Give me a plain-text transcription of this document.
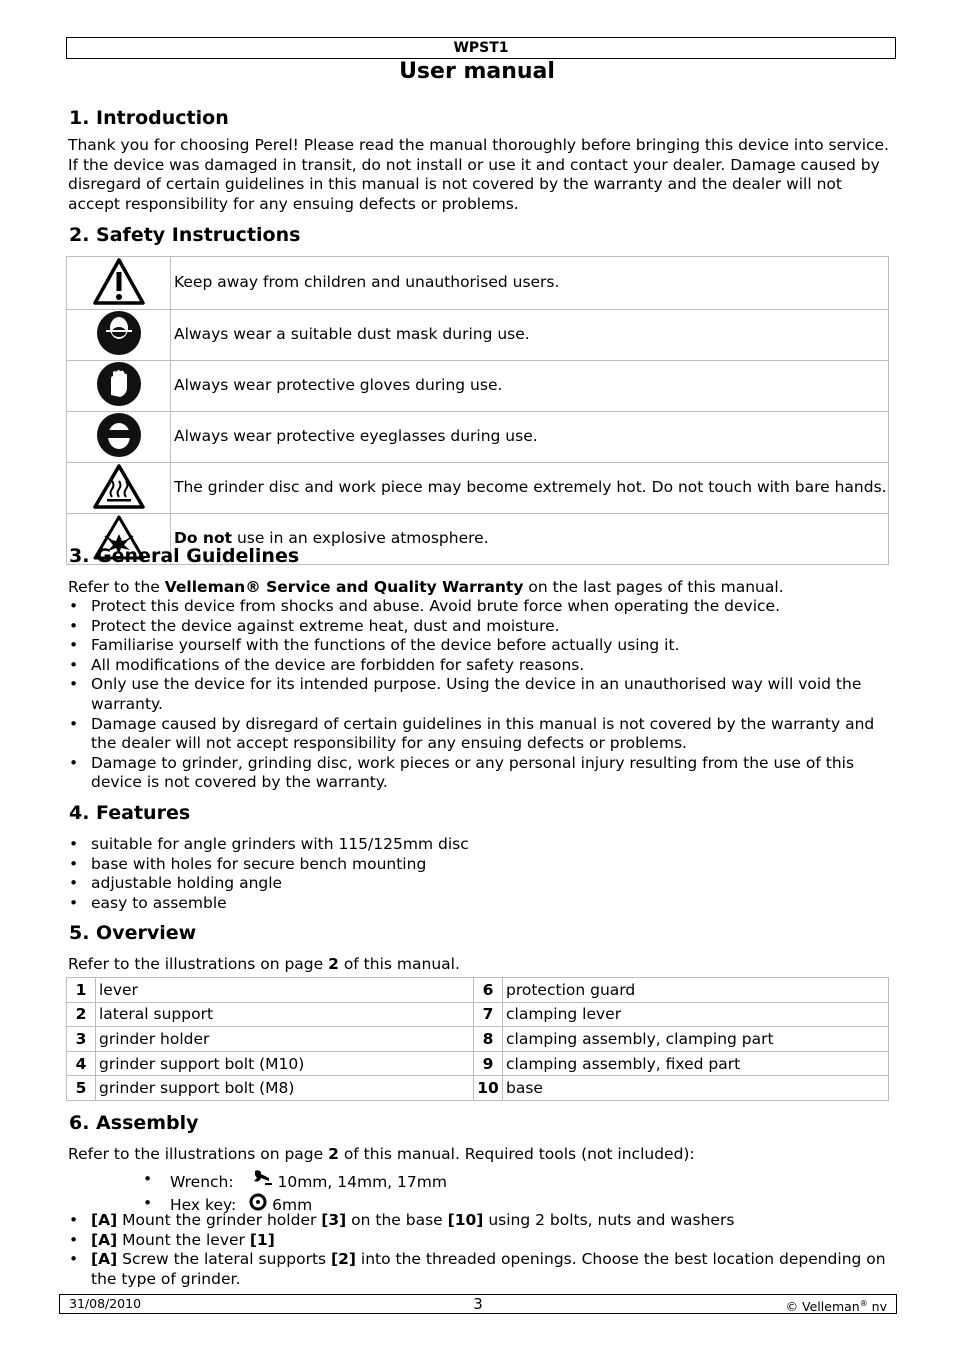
WPST1
User manual
1. Introduction

Thank you for choosing Perel! Please read the manual thoroughly before bringing this device into service. If the device was damaged in transit, do not install or use it and contact your dealer. Damage caused by disregard of certain guidelines in this manual is not covered by the warranty and the dealer will not accept responsibility for any ensuing defects or problems.

2. Safety Instructions
	Keep away from children and unauthorised users.
	Always wear a suitable dust mask during use.
	Always wear protective gloves during use.
	Always wear protective eyeglasses during use.
	The grinder disc and work piece may become extremely hot. Do not touch with bare hands.
	Do not use in an explosive atmosphere.
3. General Guidelines

Refer to the Velleman® Service and Quality Warranty on the last pages of this manual.

• Protect this device from shocks and abuse. Avoid brute force when operating the device.
• Protect the device against extreme heat, dust and moisture.
• Familiarise yourself with the functions of the device before actually using it.
• All modifications of the device are forbidden for safety reasons.
• Only use the device for its intended purpose. Using the device in an unauthorised way will void the warranty.
• Damage caused by disregard of certain guidelines in this manual is not covered by the warranty and the dealer will not accept responsibility for any ensuing defects or problems.
• Damage to grinder, grinding disc, work pieces or any personal injury resulting from the use of this device is not covered by the warranty.
4. Features
• suitable for angle grinders with 115/125mm disc
• base with holes for secure bench mounting
• adjustable holding angle
• easy to assemble
5. Overview

Refer to the illustrations on page 2 of this manual.

1	lever	6	protection guard
2	lateral support	7	clamping lever
3	grinder holder	8	clamping assembly, clamping part
4	grinder support bolt (M10)	9	clamping assembly, fixed part
5	grinder support bolt (M8)	10	base
6. Assembly

Refer to the illustrations on page 2 of this manual. Required tools (not included):

• Wrench:	10mm, 14mm, 17mm
• Hex key: 6mm
• [A] Mount the grinder holder [3] on the base [10] using 2 bolts, nuts and washers
• [A] Mount the lever [1]
• [A] Screw the lateral supports [2] into the threaded openings. Choose the best location depending on the type of grinder.
31/08/2010	3	© Velleman® nv
